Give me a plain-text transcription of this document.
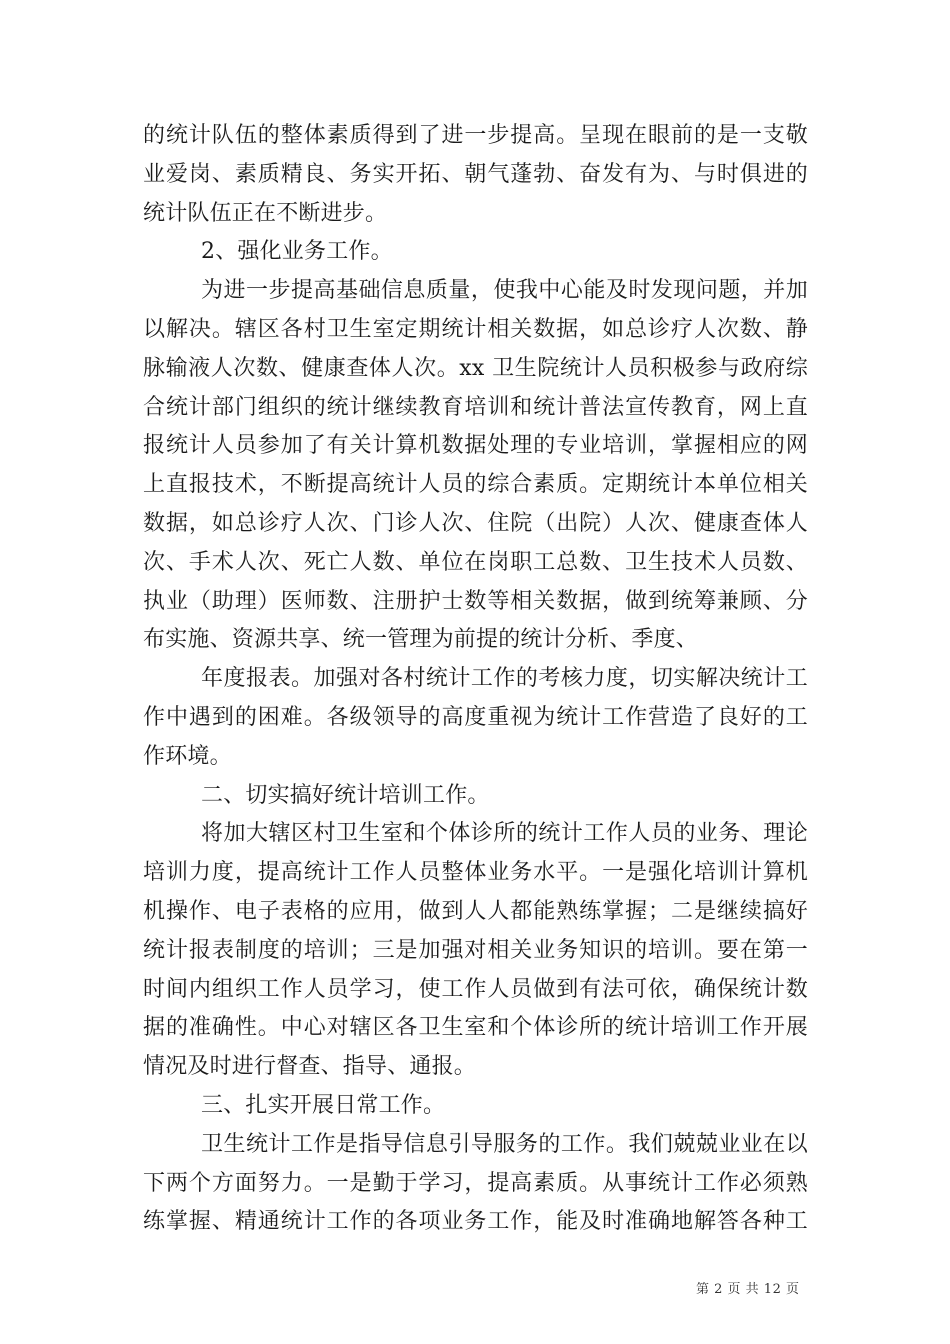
的统计队伍的整体素质得到了进一步提高。呈现在眼前的是一支敬
业爱岗、素质精良、务实开拓、朝气蓬勃、奋发有为、与时俱进的
统计队伍正在不断进步。
2、强化业务工作。
为进一步提高基础信息质量，使我中心能及时发现问题，并加
以解决。辖区各村卫生室定期统计相关数据，如总诊疗人次数、静
脉输液人次数、健康查体人次。xx 卫生院统计人员积极参与政府综
合统计部门组织的统计继续教育培训和统计普法宣传教育，网上直
报统计人员参加了有关计算机数据处理的专业培训，掌握相应的网
上直报技术，不断提高统计人员的综合素质。定期统计本单位相关
数据，如总诊疗人次、门诊人次、住院（出院）人次、健康查体人
次、手术人次、死亡人数、单位在岗职工总数、卫生技术人员数、
执业（助理）医师数、注册护士数等相关数据，做到统筹兼顾、分
布实施、资源共享、统一管理为前提的统计分析、季度、
年度报表。加强对各村统计工作的考核力度，切实解决统计工
作中遇到的困难。各级领导的高度重视为统计工作营造了良好的工
作环境。
二、切实搞好统计培训工作。
将加大辖区村卫生室和个体诊所的统计工作人员的业务、理论
培训力度，提高统计工作人员整体业务水平。一是强化培训计算机
机操作、电子表格的应用，做到人人都能熟练掌握；二是继续搞好
统计报表制度的培训；三是加强对相关业务知识的培训。要在第一
时间内组织工作人员学习，使工作人员做到有法可依，确保统计数
据的准确性。中心对辖区各卫生室和个体诊所的统计培训工作开展
情况及时进行督查、指导、通报。
三、扎实开展日常工作。
卫生统计工作是指导信息引导服务的工作。我们兢兢业业在以
下两个方面努力。一是勤于学习，提高素质。从事统计工作必须熟
练掌握、精通统计工作的各项业务工作，能及时准确地解答各种工
第 2 页 共 12 页
